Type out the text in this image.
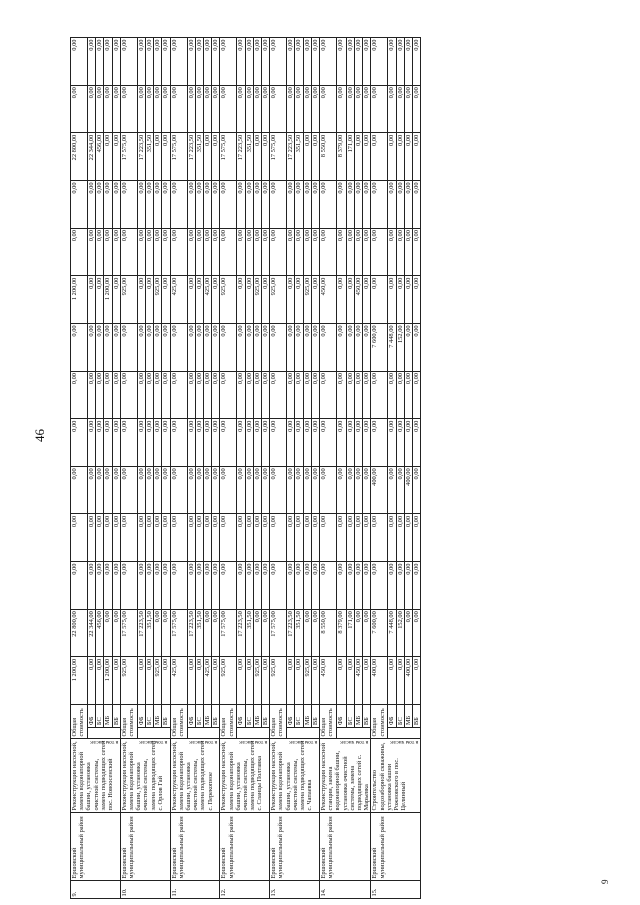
46
9
9.	Ершовский муниципальный район	Реконструкция насосной, замена водонапорной башни, установка очистной системы, замена подводящих сетей пос. Новоосенский	Общая стоимость		1 200,00	22 800,00	0,00	0,00	0,00	0,00	0,00	0,00	1 200,00	0,00	0,00	22 800,00	0,00	0,00

			в том числе:	ФБ	0,00	22 344,00	0,00	0,00	0,00	0,00	0,00	0,00	0,00	0,00	0,00	22 344,00	0,00	0,00
				БС	0,00	456,00	0,00	0,00	0,00	0,00	0,00	0,00	0,00	0,00	0,00	456,00	0,00	0,00
				МБ	1 200,00	0,00	0,00	0,00	0,00	0,00	0,00	0,00	1 200,00	0,00	0,00	0,00	0,00	0,00
				ВБ	0,00	0,00	0,00	0,00	0,00	0,00	0,00	0,00	0,00	0,00	0,00	0,00	0,00	0,00
10.	Ершовский муниципальный район	Реконструкция насосной, замена водонапорной башни, установка очистной системы, замена подводящих сетей с. Орлов Гай	Общая стоимость		925,00	17 575,00	0,00	0,00	0,00	0,00	0,00	0,00	925,00	0,00	0,00	17 575,00	0,00	0,00

			в том числе:	ФБ	0,00	17 223,50	0,00	0,00	0,00	0,00	0,00	0,00	0,00	0,00	0,00	17 223,50	0,00	0,00
				БС	0,00	351,50	0,00	0,00	0,00	0,00	0,00	0,00	0,00	0,00	0,00	351,50	0,00	0,00
				МБ	925,00	0,00	0,00	0,00	0,00	0,00	0,00	0,00	925,00	0,00	0,00	0,00	0,00	0,00
				ВБ	0,00	0,00	0,00	0,00	0,00	0,00	0,00	0,00	0,00	0,00	0,00	0,00	0,00	0,00
11.	Ершовский муниципальный район	Реконструкция насосной, замена водонапорной башни, установка очистной системы, замена подводящих сетей с. Перекопное	Общая стоимость		425,00	17 575,00	0,00	0,00	0,00	0,00	0,00	0,00	425,00	0,00	0,00	17 575,00	0,00	0,00

			в том числе:	ФБ	0,00	17 223,50	0,00	0,00	0,00	0,00	0,00	0,00	0,00	0,00	0,00	17 223,50	0,00	0,00
				БС	0,00	351,50	0,00	0,00	0,00	0,00	0,00	0,00	0,00	0,00	0,00	351,50	0,00	0,00
				МБ	425,00	0,00	0,00	0,00	0,00	0,00	0,00	0,00	425,00	0,00	0,00	0,00	0,00	0,00
				ВБ	0,00	0,00	0,00	0,00	0,00	0,00	0,00	0,00	0,00	0,00	0,00	0,00	0,00	0,00
12.	Ершовский муниципальный район	Реконструкция насосной, замена водонапорной башни, установка очистной системы, замена подводящих сетей с. Сланцы Полтавка	Общая стоимость		925,00	17 575,00	0,00	0,00	0,00	0,00	0,00	0,00	925,00	0,00	0,00	17 575,00	0,00	0,00

			в том числе:	ФБ	0,00	17 223,50	0,00	0,00	0,00	0,00	0,00	0,00	0,00	0,00	0,00	17 223,50	0,00	0,00
				БС	0,00	351,50	0,00	0,00	0,00	0,00	0,00	0,00	0,00	0,00	0,00	351,50	0,00	0,00
				МБ	925,00	0,00	0,00	0,00	0,00	0,00	0,00	0,00	925,00	0,00	0,00	0,00	0,00	0,00
				ВБ	0,00	0,00	0,00	0,00	0,00	0,00	0,00	0,00	0,00	0,00	0,00	0,00	0,00	0,00
13.	Ершовский муниципальный район	Реконструкция насосной, замена водонапорной башни, установка очистной системы, замена подводящих сетей с. Чапаевка	Общая стоимость		925,00	17 575,00	0,00	0,00	0,00	0,00	0,00	0,00	925,00	0,00	0,00	17 575,00	0,00	0,00

			в том числе:	ФБ	0,00	17 223,50	0,00	0,00	0,00	0,00	0,00	0,00	0,00	0,00	0,00	17 223,50	0,00	0,00
				БС	0,00	351,50	0,00	0,00	0,00	0,00	0,00	0,00	0,00	0,00	0,00	351,50	0,00	0,00
				МБ	925,00	0,00	0,00	0,00	0,00	0,00	0,00	0,00	925,00	0,00	0,00	0,00	0,00	0,00
				ВБ	0,00	0,00	0,00	0,00	0,00	0,00	0,00	0,00	0,00	0,00	0,00	0,00	0,00	0,00
14.	Ершовский муниципальный район	Реконструкция насосной станции, замена водонапорной башни, установка очистной системы, замена подводящих сетей с. Марьевка	Общая стоимость		450,00	8 550,00	0,00	0,00	0,00	0,00	0,00	0,00	450,00	0,00	0,00	8 550,00	0,00	0,00

			в том числе:	ФБ	0,00	8 379,00	0,00	0,00	0,00	0,00	0,00	0,00	0,00	0,00	0,00	8 379,00	0,00	0,00
				БС	0,00	171,00	0,00	0,00	0,00	0,00	0,00	0,00	0,00	0,00	0,00	171,00	0,00	0,00
				МБ	450,00	0,00	0,00	0,00	0,00	0,00	0,00	0,00	450,00	0,00	0,00	0,00	0,00	0,00
				ВБ	0,00	0,00	0,00	0,00	0,00	0,00	0,00	0,00	0,00	0,00	0,00	0,00	0,00	0,00
15.	Ершовский муниципальный район	Строительство водозаборной скважины, установка башни Рожновского в пос. Целинный	Общая стоимость		400,00	7 600,00	0,00	0,00	400,00	0,00	0,00	7 600,00	0,00	0,00	0,00	0,00	0,00	0,00

			в том числе:	ФБ	0,00	7 448,00	0,00	0,00	0,00	0,00	0,00	7 448,00	0,00	0,00	0,00	0,00	0,00	0,00
				БС	0,00	152,00	0,00	0,00	0,00	0,00	0,00	152,00	0,00	0,00	0,00	0,00	0,00	0,00
				МБ	400,00	0,00	0,00	0,00	400,00	0,00	0,00	0,00	0,00	0,00	0,00	0,00	0,00	0,00
				ВБ	0,00	0,00	0,00	0,00	0,00	0,00	0,00	0,00	0,00	0,00	0,00	0,00	0,00	0,00
